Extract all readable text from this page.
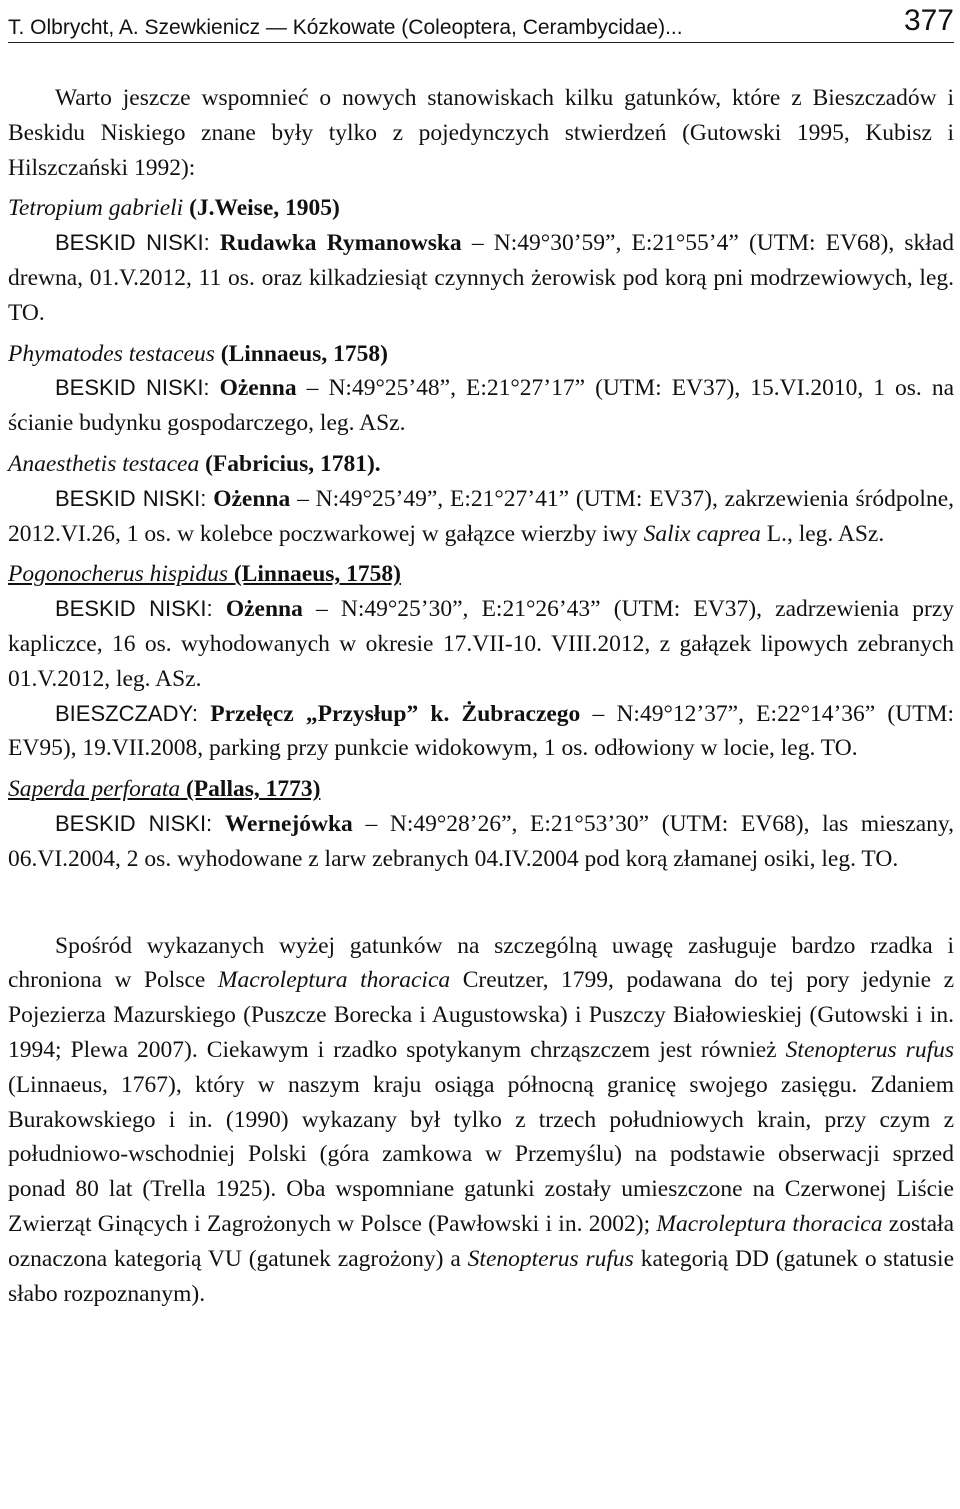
T. Olbrycht, A. Szewkienicz — Kózkowate (Coleoptera, Cerambycidae)...	377

Warto jeszcze wspomnieć o nowych stanowiskach kilku gatunków, które z Bieszczadów i Beskidu Niskiego znane były tylko z pojedynczych stwierdzeń (Gutowski 1995, Kubisz i Hilszczański 1992):

Tetropium gabrieli (J.Weise, 1905)

BESKID NISKI: Rudawka Rymanowska – N:49°30’59”, E:21°55’4” (UTM: EV68), skład drewna, 01.V.2012, 11 os. oraz kilkadziesiąt czynnych żerowisk pod korą pni modrzewiowych, leg. TO.

Phymatodes testaceus (Linnaeus, 1758)

BESKID NISKI: Ożenna – N:49°25’48”, E:21°27’17” (UTM: EV37), 15.VI.2010, 1 os. na ścianie budynku gospodarczego, leg. ASz.

Anaesthetis testacea (Fabricius, 1781).

BESKID NISKI: Ożenna – N:49°25’49”, E:21°27’41” (UTM: EV37), zakrzewienia śródpolne, 2012.VI.26, 1 os. w kolebce poczwarkowej w gałązce wierzby iwy Salix caprea L., leg. ASz.

Pogonocherus hispidus (Linnaeus, 1758)

BESKID NISKI: Ożenna – N:49°25’30”, E:21°26’43” (UTM: EV37), zadrzewienia przy kapliczce, 16 os. wyhodowanych w okresie 17.VII-10. VIII.2012, z gałązek lipowych zebranych 01.V.2012, leg. ASz.

BIESZCZADY: Przełęcz „Przysłup” k. Żubraczego – N:49°12’37”, E:22°14’36” (UTM: EV95), 19.VII.2008, parking przy punkcie widokowym, 1 os. odłowiony w locie, leg. TO.

Saperda perforata (Pallas, 1773)

BESKID NISKI: Wernejówka – N:49°28’26”, E:21°53’30” (UTM: EV68), las mieszany, 06.VI.2004, 2 os. wyhodowane z larw zebranych 04.IV.2004 pod korą złamanej osiki, leg. TO.

Spośród wykazanych wyżej gatunków na szczególną uwagę zasługuje bardzo rzadka i chroniona w Polsce Macroleptura thoracica Creutzer, 1799, podawana do tej pory jedynie z Pojezierza Mazurskiego (Puszcze Borecka i Augustowska) i Puszczy Białowieskiej (Gutowski i in. 1994; Plewa 2007). Ciekawym i rzadko spotykanym chrząszczem jest również Stenopterus rufus (Linnaeus, 1767), który w naszym kraju osiąga północną granicę swojego zasięgu. Zdaniem Burakowskiego i in. (1990) wykazany był tylko z trzech południowych krain, przy czym z południowo-wschodniej Polski (góra zamkowa w Przemyślu) na podstawie obserwacji sprzed ponad 80 lat (Trella 1925). Oba wspomniane gatunki zostały umieszczone na Czerwonej Liście Zwierząt Ginących i Zagrożonych w Polsce (Pawłowski i in. 2002); Macroleptura thoracica została oznaczona kategorią VU (gatunek zagrożony) a Stenopterus rufus kategorią DD (gatunek o statusie słabo rozpoznanym).
